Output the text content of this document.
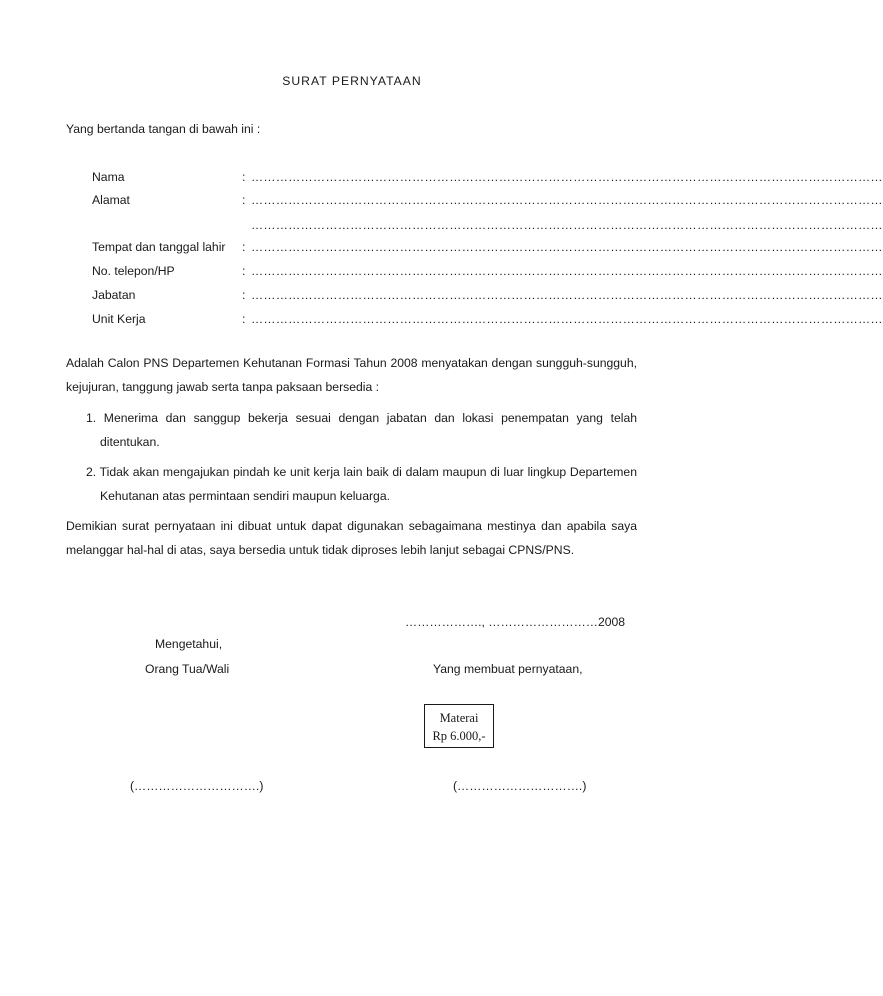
SURAT PERNYATAAN
Yang bertanda tangan di bawah ini :
Nama	: ………………………………………………………………………………………………………………………………………
Alamat	: ………………………………………………………………………………………………………………………………………
………………………………………………………………………………………………………………………………………
Tempat dan tanggal lahir : ………………………………………………………………………………………………………………………………………
No. telepon/HP	: ………………………………………………………………………………………………………………………………………
Jabatan	: ………………………………………………………………………………………………………………………………………
Unit Kerja	: ………………………………………………………………………………………………………………………………………
Adalah Calon PNS Departemen Kehutanan Formasi Tahun 2008 menyatakan dengan sungguh-sungguh, kejujuran, tanggung jawab serta tanpa paksaan bersedia :
1. Menerima dan sanggup bekerja sesuai dengan jabatan dan lokasi penempatan yang telah ditentukan.
2. Tidak akan mengajukan pindah ke unit kerja lain baik di dalam maupun di luar lingkup Departemen Kehutanan atas permintaan sendiri maupun keluarga.
Demikian surat pernyataan ini dibuat untuk dapat digunakan sebagaimana mestinya dan apabila saya melanggar hal-hal di atas, saya bersedia untuk tidak diproses lebih lanjut sebagai CPNS/PNS.
………………., ………………………2008
Mengetahui,
Orang Tua/Wali	Yang membuat pernyataan,
Materai
Rp 6.000,-
(………………………….)	(………………………….)
